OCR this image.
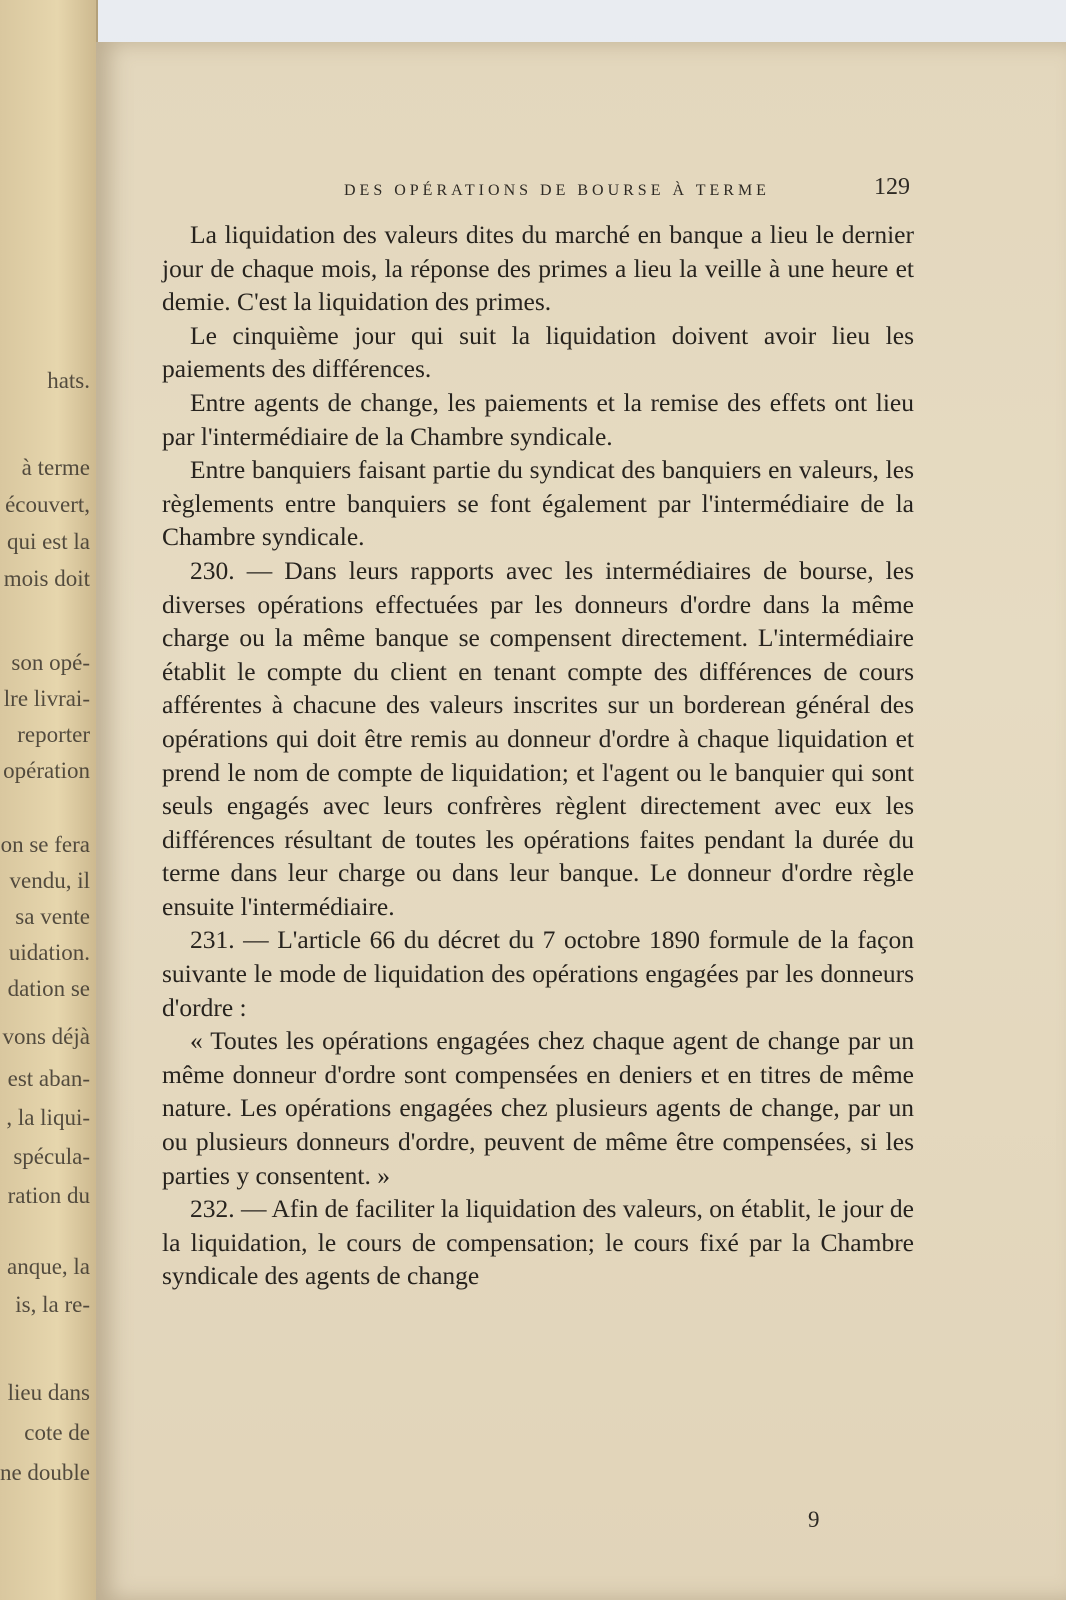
hats.
à terme
écouvert,
qui est la
mois doit
son opé-
lre livrai-
reporter
opération
on se fera
vendu, il
sa vente
uidation.
dation se
vons déjà
est aban-
, la liqui-
spécula-
ration du
anque, la
is, la re-
lieu dans
cote de
ne double
DES OPÉRATIONS DE BOURSE À TERME	129

La liquidation des valeurs dites du marché en banque a lieu le dernier jour de chaque mois, la réponse des primes a lieu la veille à une heure et demie. C'est la liquidation des primes.

Le cinquième jour qui suit la liquidation doivent avoir lieu les paiements des différences.

Entre agents de change, les paiements et la remise des effets ont lieu par l'intermédiaire de la Chambre syndicale.

Entre banquiers faisant partie du syndicat des banquiers en valeurs, les règlements entre banquiers se font également par l'intermédiaire de la Chambre syndicale.

230. — Dans leurs rapports avec les intermédiaires de bourse, les diverses opérations effectuées par les donneurs d'ordre dans la même charge ou la même banque se compensent directement. L'intermédiaire établit le compte du client en tenant compte des différences de cours afférentes à chacune des valeurs inscrites sur un borderean général des opérations qui doit être remis au donneur d'ordre à chaque liquidation et prend le nom de compte de liquidation; et l'agent ou le banquier qui sont seuls engagés avec leurs confrères règlent directement avec eux les différences résultant de toutes les opérations faites pendant la durée du terme dans leur charge ou dans leur banque. Le donneur d'ordre règle ensuite l'intermédiaire.

231. — L'article 66 du décret du 7 octobre 1890 formule de la façon suivante le mode de liquidation des opérations engagées par les donneurs d'ordre :

« Toutes les opérations engagées chez chaque agent de change par un même donneur d'ordre sont compensées en deniers et en titres de même nature. Les opérations engagées chez plusieurs agents de change, par un ou plusieurs donneurs d'ordre, peuvent de même être compensées, si les parties y consentent. »

232. — Afin de faciliter la liquidation des valeurs, on établit, le jour de la liquidation, le cours de compensation; le cours fixé par la Chambre syndicale des agents de change

9
